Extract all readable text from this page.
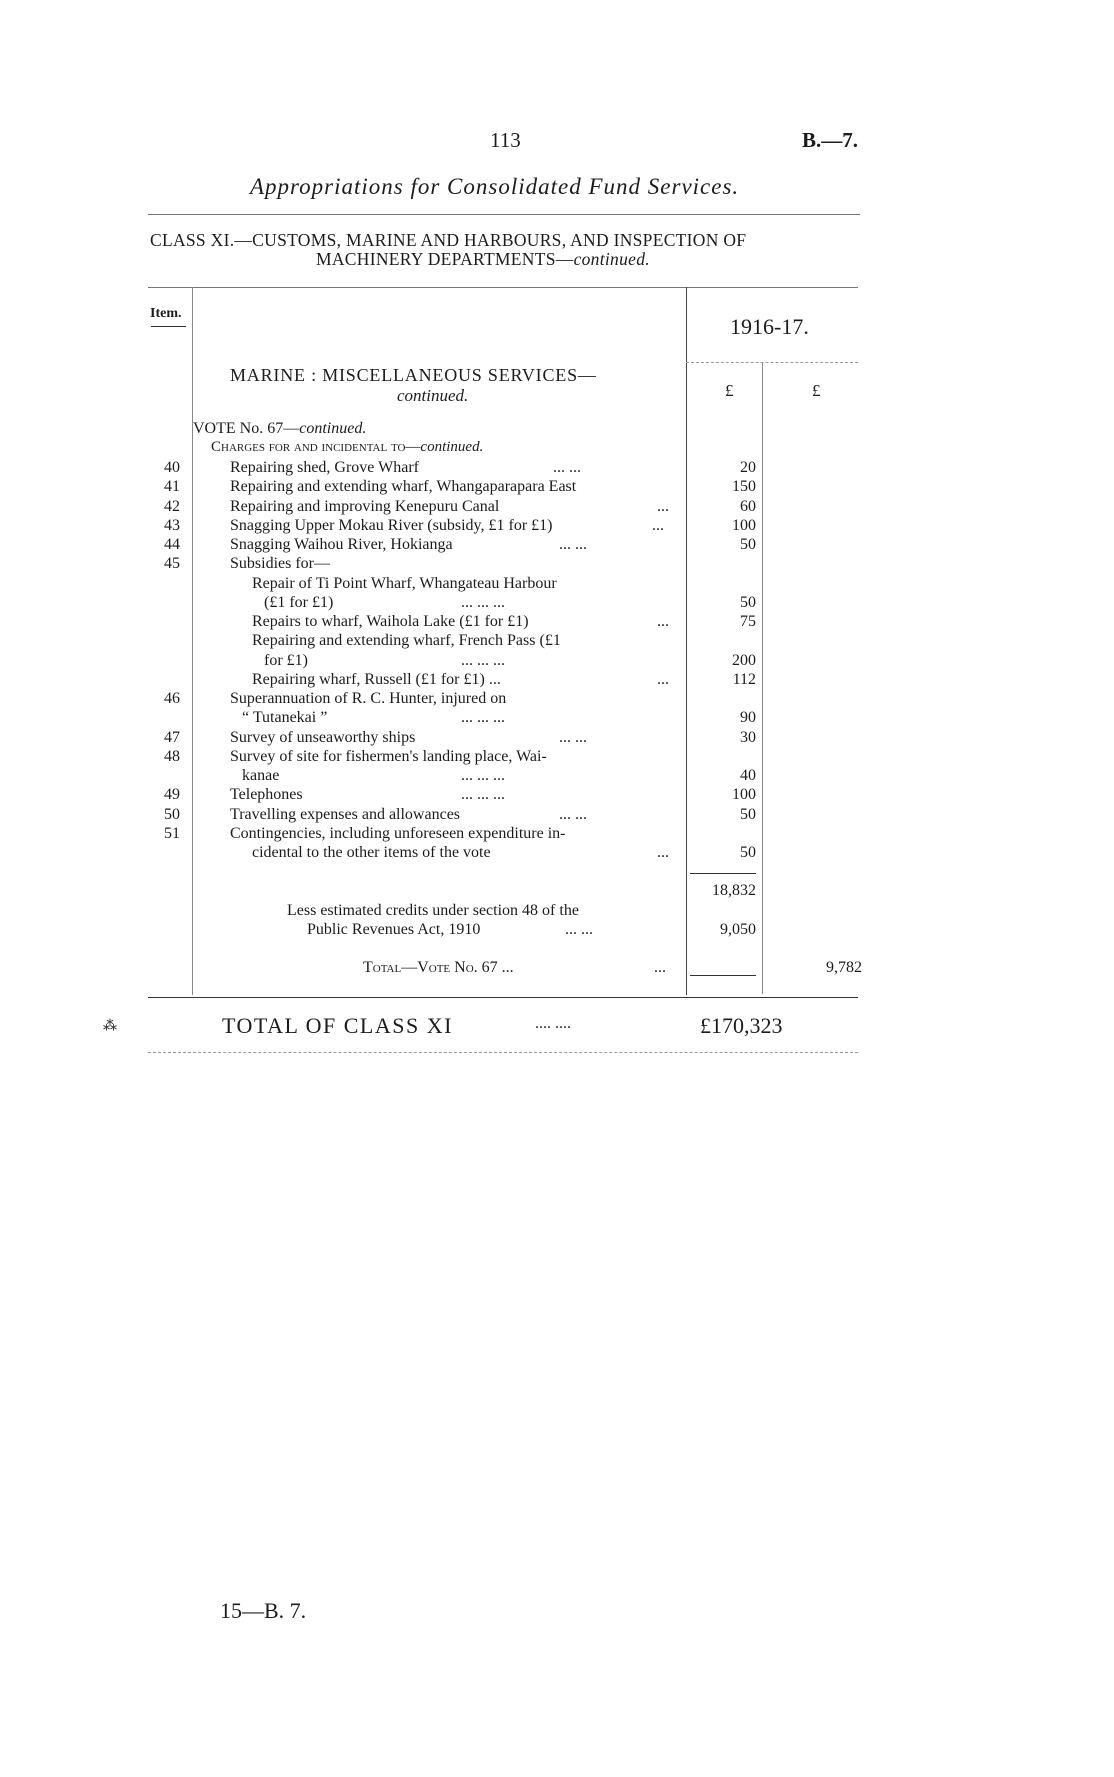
113	B.—7.
Appropriations for Consolidated Fund Services.
CLASS XI.—CUSTOMS, MARINE AND HARBOURS, AND INSPECTION OF
MACHINERY DEPARTMENTS—continued.
Item.
1916-17.
MARINE : MISCELLANEOUS SERVICES—
continued.	£	£
VOTE No. 67—continued.
Charges for and incidental to—continued.
40	Repairing shed, Grove Wharf	... ...	20
41	Repairing and extending wharf, Whangaparapara East	150
42	Repairing and improving Kenepuru Canal	...	60
43	Snagging Upper Mokau River (subsidy, £1 for £1)	...	100
44	Snagging Waihou River, Hokianga	... ...	50
45	Subsidies for—
Repair of Ti Point Wharf, Whangateau Harbour
(£1 for £1)	... ... ...	50
Repairs to wharf, Waihola Lake (£1 for £1)	...	75
Repairing and extending wharf, French Pass (£1
for £1)	... ... ...	200
Repairing wharf, Russell (£1 for £1) ...	...	112
46	Superannuation of R. C. Hunter, injured on
“ Tutanekai ”	... ... ...	90
47	Survey of unseaworthy ships	... ...	30
48	Survey of site for fishermen's landing place, Wai-
kanae	... ... ...	40
49	Telephones	... ... ...	100
50	Travelling expenses and allowances	... ...	50
51	Contingencies, including unforeseen expenditure in-
cidental to the other items of the vote	...	50
18,832
Less estimated credits under section 48 of the
Public Revenues Act, 1910	... ...	9,050
Total—Vote No. 67 ...	...	9,782
⁂	TOTAL OF CLASS XI	.... ....	£170,323
15—B. 7.
